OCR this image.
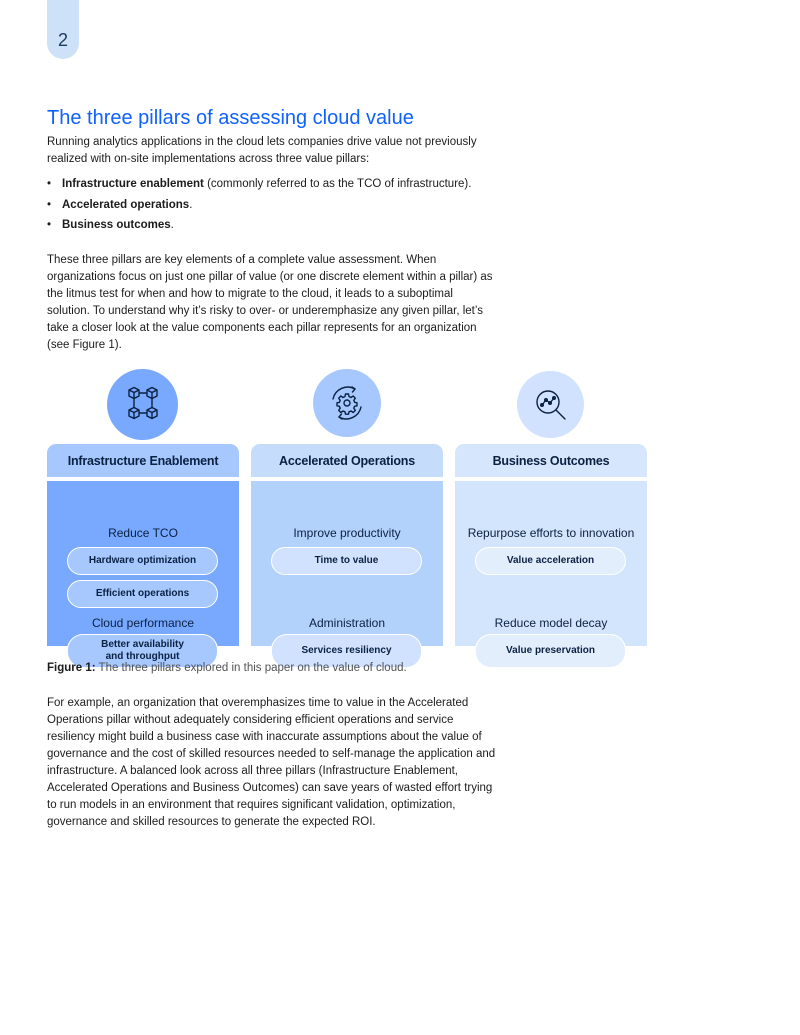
2
The three pillars of assessing cloud value

Running analytics applications in the cloud lets companies drive value not previously realized with on-site implementations across three value pillars:

• Infrastructure enablement (commonly referred to as the TCO of infrastructure).
• Accelerated operations.
• Business outcomes.

These three pillars are key elements of a complete value assessment. When organizations focus on just one pillar of value (or one discrete element within a pillar) as the litmus test for when and how to migrate to the cloud, it leads to a suboptimal solution. To understand why it’s risky to over- or underemphasize any given pillar, let’s take a closer look at the value components each pillar represents for an organization (see Figure 1).

Infrastructure Enablement
Reduce TCO
Hardware optimization
Efficient operations
Cloud performance
Better availability and throughput
Accelerated Operations
Improve productivity
Time to value
Administration
Services resiliency
Business Outcomes
Repurpose efforts to innovation
Value acceleration
Reduce model decay
Value preservation

Figure 1: The three pillars explored in this paper on the value of cloud.

For example, an organization that overemphasizes time to value in the Accelerated Operations pillar without adequately considering efficient operations and service resiliency might build a business case with inaccurate assumptions about the value of governance and the cost of skilled resources needed to self-manage the application and infrastructure. A balanced look across all three pillars (Infrastructure Enablement, Accelerated Operations and Business Outcomes) can save years of wasted effort trying to run models in an environment that requires significant validation, optimization, governance and skilled resources to generate the expected ROI.
